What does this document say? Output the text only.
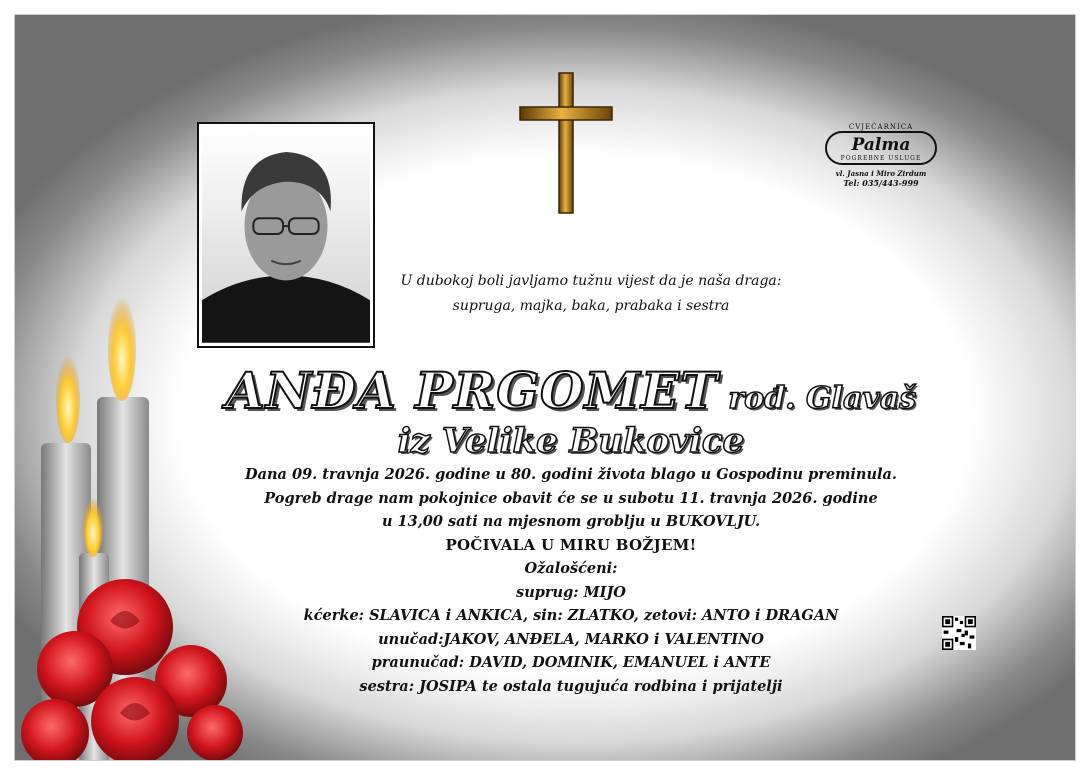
CVJEĆARNICA
Palma
POGREBNE USLUGE
vl. Jasna i Miro Zirdum
Tel: 035/443-999
U dubokoj boli javljamo tužnu vijest da je naša draga:
supruga, majka, baka, prabaka i sestra
ANĐA PRGOMET rođ. Glavaš
iz Velike Bukovice
Dana 09. travnja 2026. godine u 80. godini života blago u Gospodinu preminula.
Pogreb drage nam pokojnice obavit će se u subotu 11. travnja 2026. godine
u 13,00 sati na mjesnom groblju u BUKOVLJU.
POČIVALA U MIRU BOŽJEM!
Ožalošćeni:
suprug: MIJO
kćerke: SLAVICA i ANKICA, sin: ZLATKO, zetovi: ANTO i DRAGAN
unučad:JAKOV, ANĐELA, MARKO i VALENTINO
praunučad: DAVID, DOMINIK, EMANUEL i ANTE
sestra: JOSIPA te ostala tugujuća rodbina i prijatelji
